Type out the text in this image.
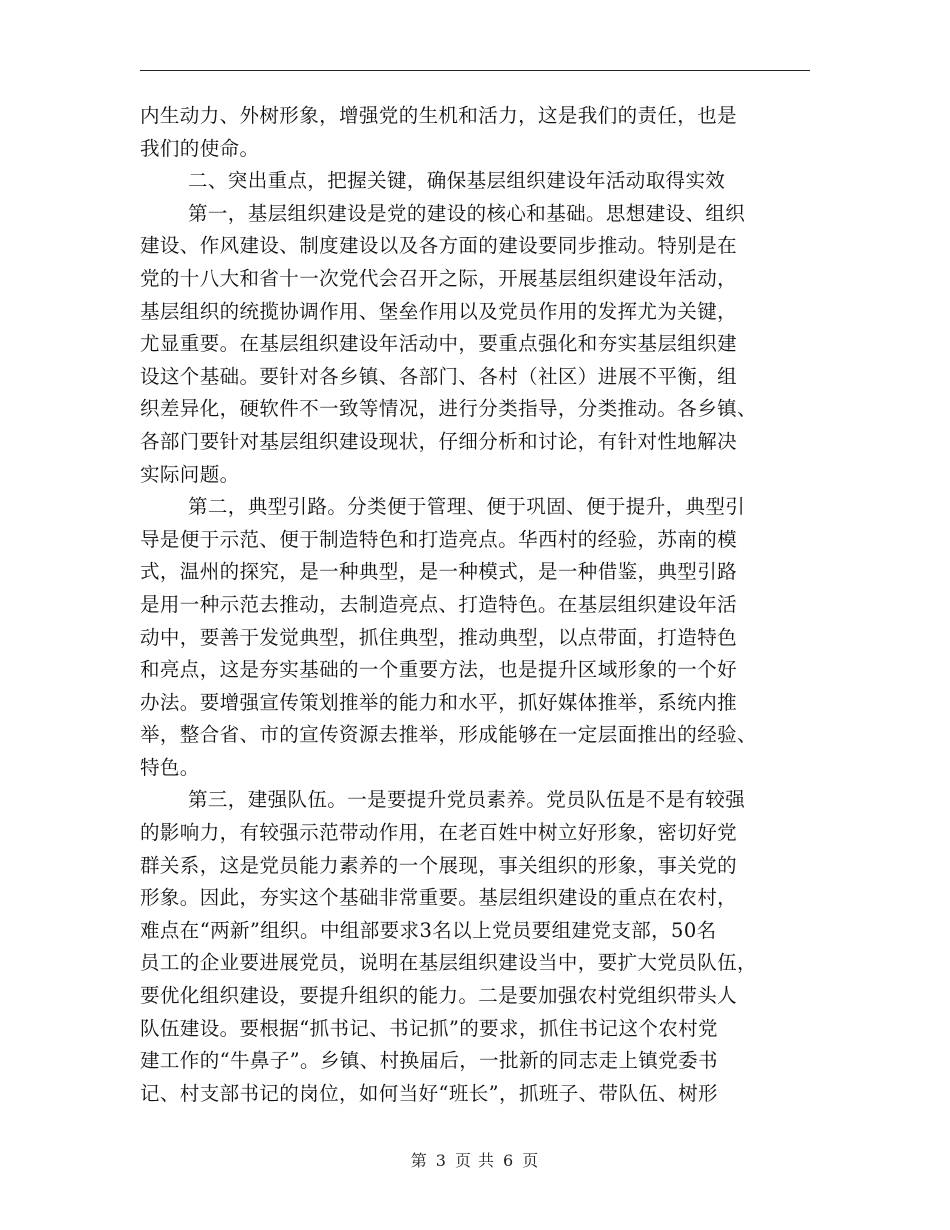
内生动力、外树形象，增强党的生机和活力，这是我们的责任，也是
我们的使命。
二、突出重点，把握关键，确保基层组织建设年活动取得实效
第一，基层组织建设是党的建设的核心和基础。思想建设、组织
建设、作风建设、制度建设以及各方面的建设要同步推动。特别是在
党的十八大和省十一次党代会召开之际，开展基层组织建设年活动，
基层组织的统揽协调作用、堡垒作用以及党员作用的发挥尤为关键，
尤显重要。在基层组织建设年活动中，要重点强化和夯实基层组织建
设这个基础。要针对各乡镇、各部门、各村（社区）进展不平衡，组
织差异化，硬软件不一致等情况，进行分类指导，分类推动。各乡镇、
各部门要针对基层组织建设现状，仔细分析和讨论，有针对性地解决
实际问题。
第二，典型引路。分类便于管理、便于巩固、便于提升，典型引
导是便于示范、便于制造特色和打造亮点。华西村的经验，苏南的模
式，温州的探究，是一种典型，是一种模式，是一种借鉴，典型引路
是用一种示范去推动，去制造亮点、打造特色。在基层组织建设年活
动中，要善于发觉典型，抓住典型，推动典型，以点带面，打造特色
和亮点，这是夯实基础的一个重要方法，也是提升区域形象的一个好
办法。要增强宣传策划推举的能力和水平，抓好媒体推举，系统内推
举，整合省、市的宣传资源去推举，形成能够在一定层面推出的经验、
特色。
第三，建强队伍。一是要提升党员素养。党员队伍是不是有较强
的影响力，有较强示范带动作用，在老百姓中树立好形象，密切好党
群关系，这是党员能力素养的一个展现，事关组织的形象，事关党的
形象。因此，夯实这个基础非常重要。基层组织建设的重点在农村，
难点在“两新”组织。中组部要求3名以上党员要组建党支部，50名
员工的企业要进展党员，说明在基层组织建设当中，要扩大党员队伍，
要优化组织建设，要提升组织的能力。二是要加强农村党组织带头人
队伍建设。要根据“抓书记、书记抓”的要求，抓住书记这个农村党
建工作的“牛鼻子”。乡镇、村换届后，一批新的同志走上镇党委书
记、村支部书记的岗位，如何当好“班长”，抓班子、带队伍、树形
第 3 页 共 6 页
